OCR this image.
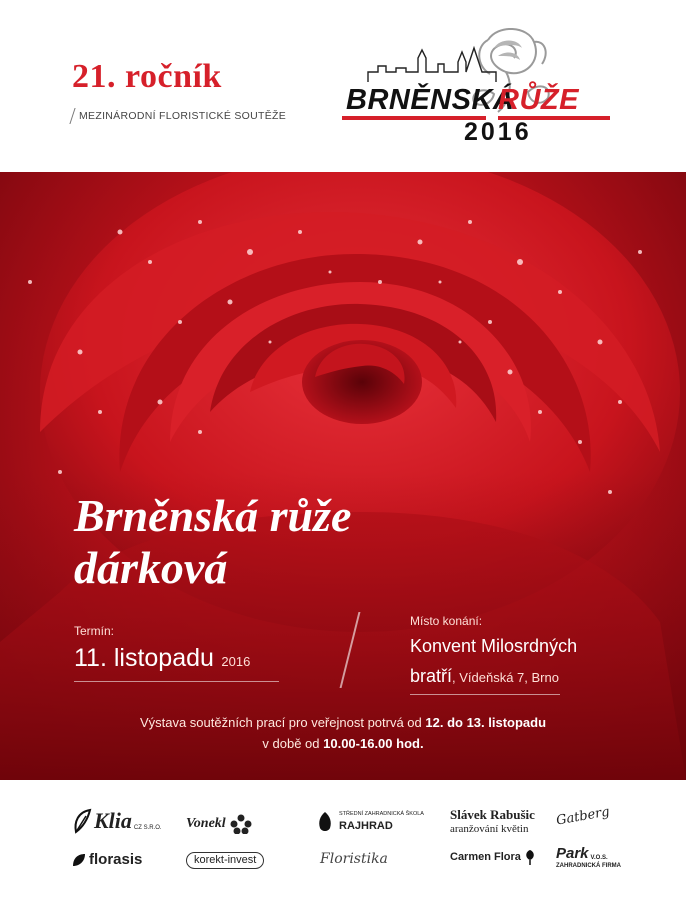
21. ročník
MEZINÁRODNÍ FLORISTICKÉ SOUTĚŽE BRNĚNSKÁ
RŮŽE
2016
Brněnská růže
dárková
Termín:
11. listopadu 2016
Místo konání:
Konvent Milosrdných
bratří, Vídeňská 7, Brno
Výstava soutěžních prací pro veřejnost potrvá od 12. do 13. listopadu
v době od 10.00-16.00 hod.
Klia CZ S.R.O. Vonekl
STŘEDNÍ ZAHRADNICKÁ ŠKOLA
RAJHRAD
Slávek Rabušic
aranžování květin
Gatberg
florasis	korekt-invest	Floristika	Carmen Flora Park V.O.S.
ZAHRADNICKÁ FIRMA
